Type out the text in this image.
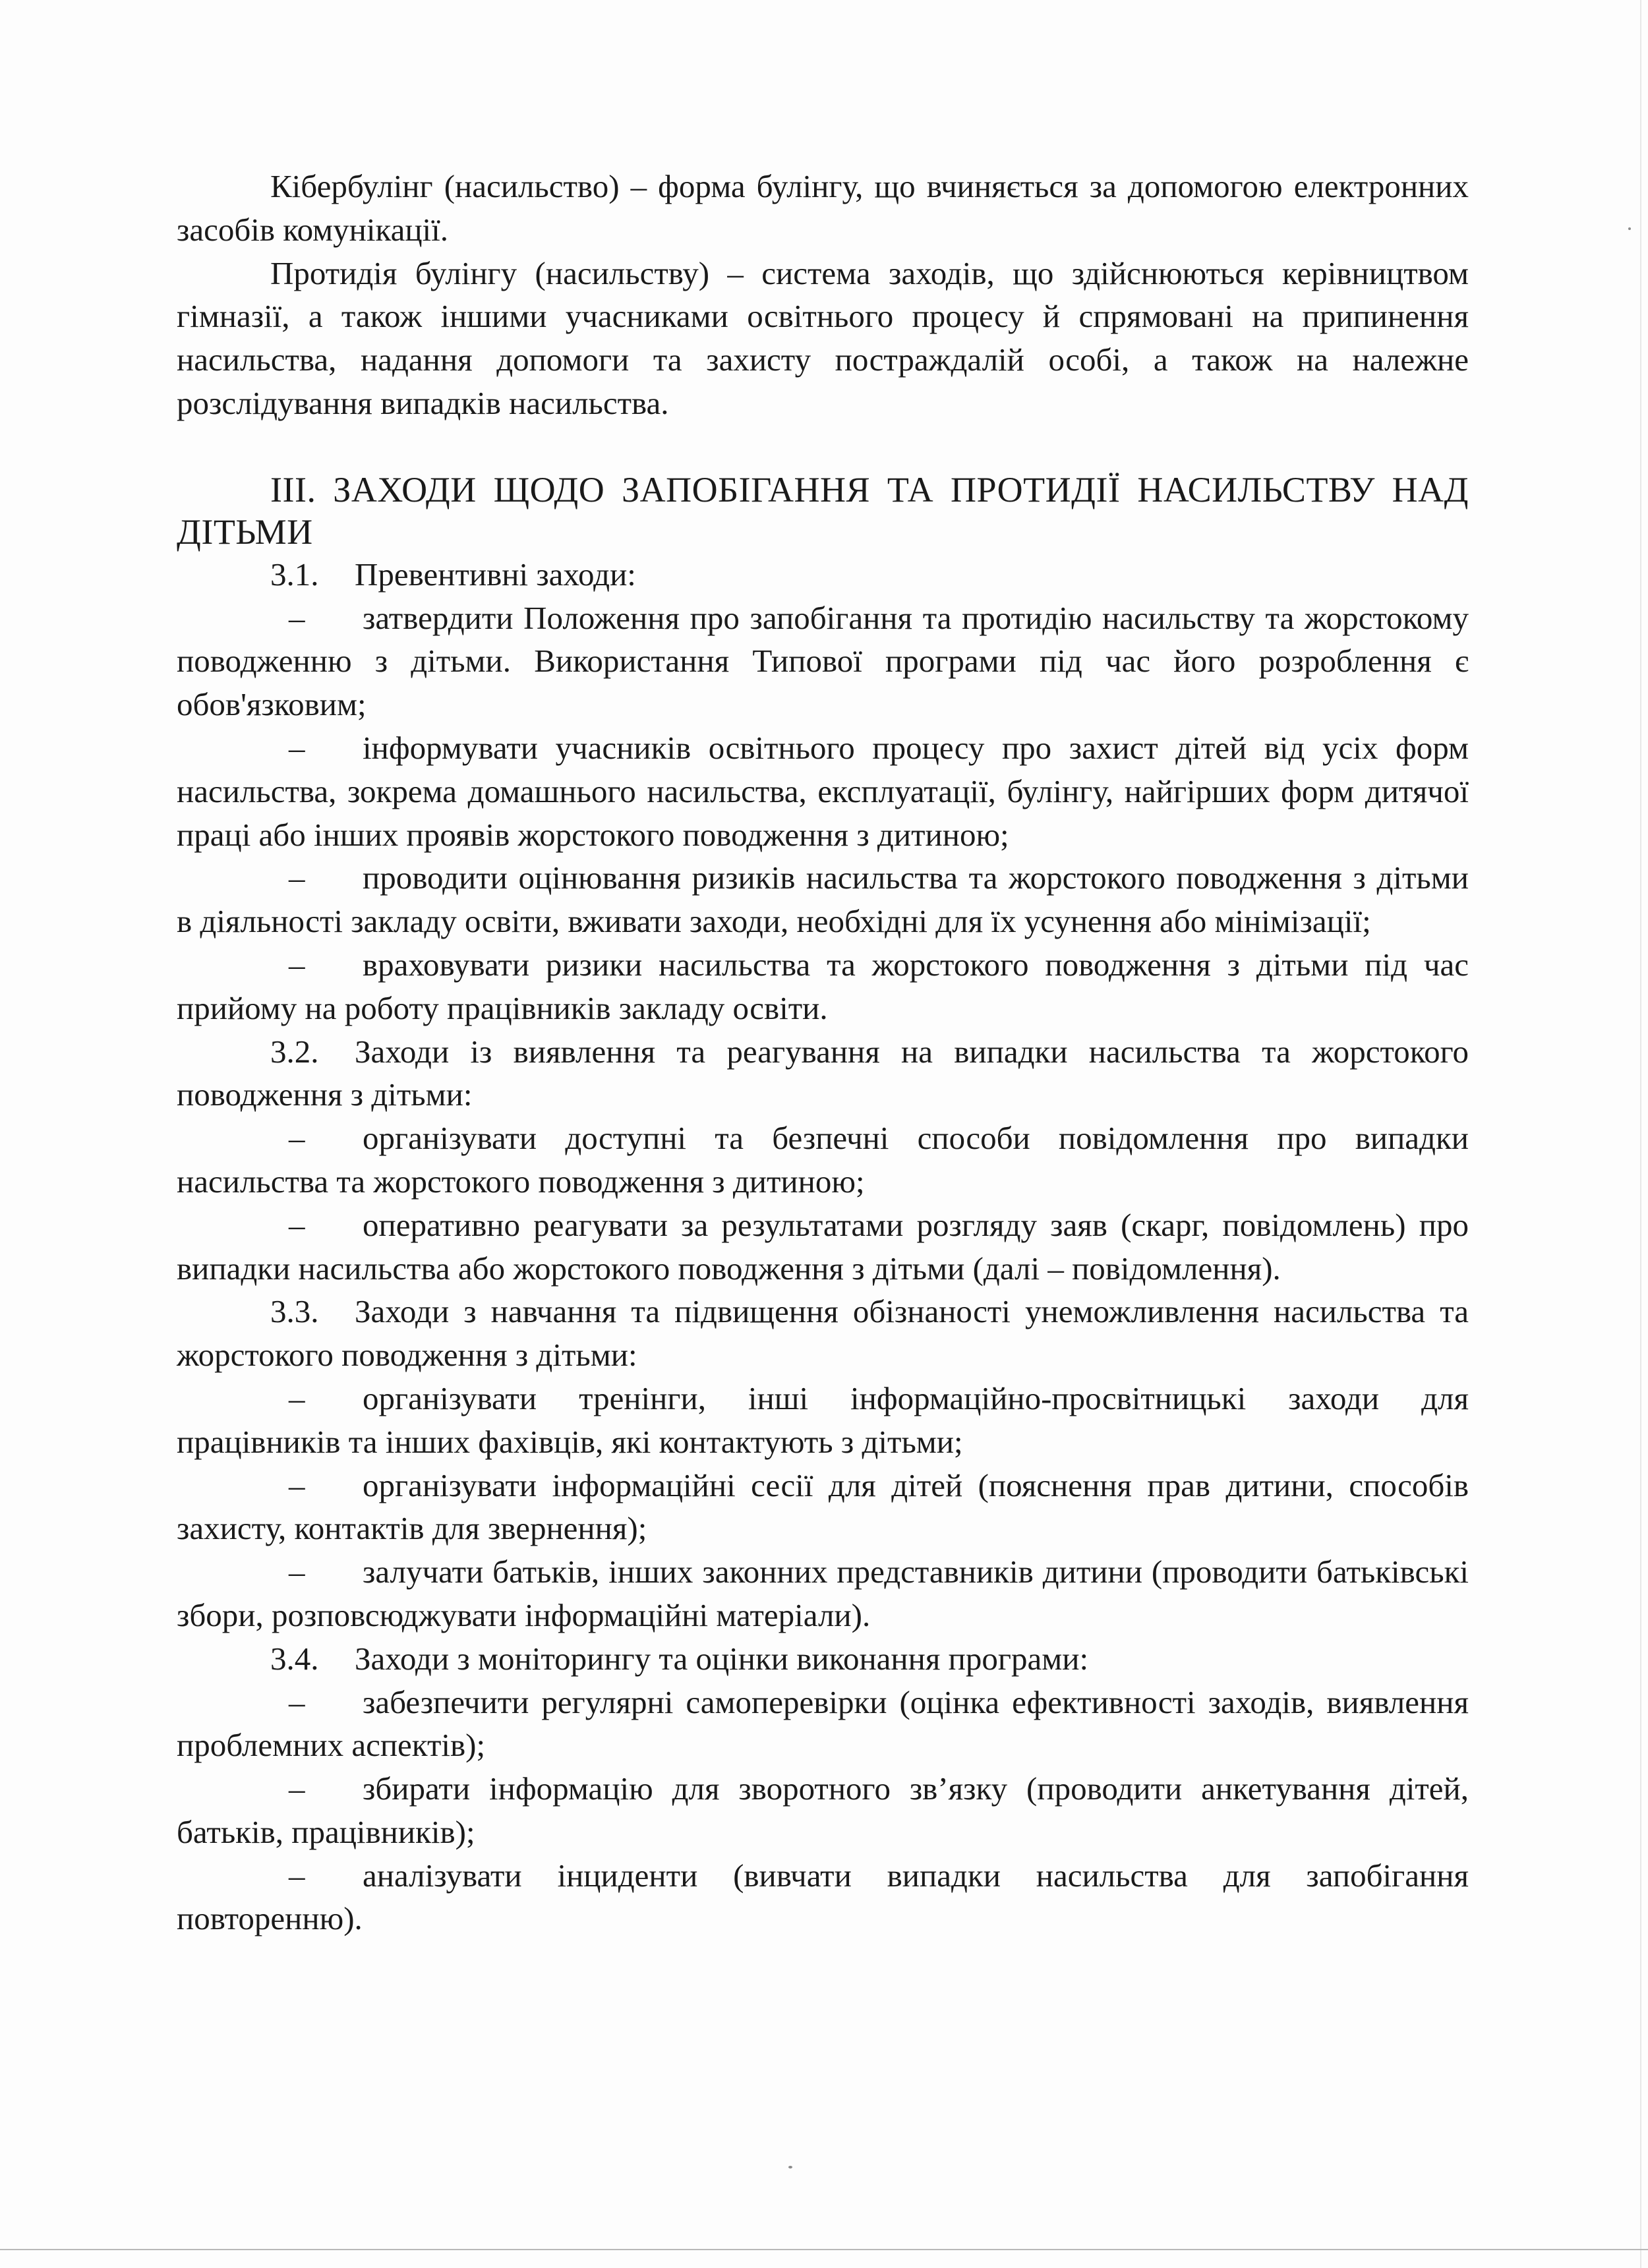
Кібербулінг (насильство) – форма булінгу, що вчиняється за допомогою електронних засобів комунікації.

Протидія булінгу (насильству) – система заходів, що здійснюються керівництвом гімназії, а також іншими учасниками освітнього процесу й спрямовані на припинення насильства, надання допомоги та захисту постраждалій особі, а також на належне розслідування випадків насильства.

ІІІ. ЗАХОДИ ЩОДО ЗАПОБІГАННЯ ТА ПРОТИДІЇ НАСИЛЬСТВУ НАД ДІТЬМИ

3.1. Превентивні заходи:

– затвердити Положення про запобігання та протидію насильству та жорстокому поводженню з дітьми. Використання Типової програми під час його розроблення є обов'язковим;

– інформувати учасників освітнього процесу про захист дітей від усіх форм насильства, зокрема домашнього насильства, експлуатації, булінгу, найгірших форм дитячої праці або інших проявів жорстокого поводження з дитиною;

– проводити оцінювання ризиків насильства та жорстокого поводження з дітьми в діяльності закладу освіти, вживати заходи, необхідні для їх усунення або мінімізації;

– враховувати ризики насильства та жорстокого поводження з дітьми під час прийому на роботу працівників закладу освіти.

3.2. Заходи із виявлення та реагування на випадки насильства та жорстокого поводження з дітьми:

– організувати доступні та безпечні способи повідомлення про випадки насильства та жорстокого поводження з дитиною;

– оперативно реагувати за результатами розгляду заяв (скарг, повідомлень) про випадки насильства або жорстокого поводження з дітьми (далі – повідомлення).

3.3. Заходи з навчання та підвищення обізнаності унеможливлення насильства та жорстокого поводження з дітьми:

– організувати тренінги, інші інформаційно-просвітницькі заходи для працівників та інших фахівців, які контактують з дітьми;

– організувати інформаційні сесії для дітей (пояснення прав дитини, способів захисту, контактів для звернення);

– залучати батьків, інших законних представників дитини (проводити батьківські збори, розповсюджувати інформаційні матеріали).

3.4. Заходи з моніторингу та оцінки виконання програми:

– забезпечити регулярні самоперевірки (оцінка ефективності заходів, виявлення проблемних аспектів);

– збирати інформацію для зворотного зв’язку (проводити анкетування дітей, батьків, працівників);

– аналізувати інциденти (вивчати випадки насильства для запобігання повторенню).
